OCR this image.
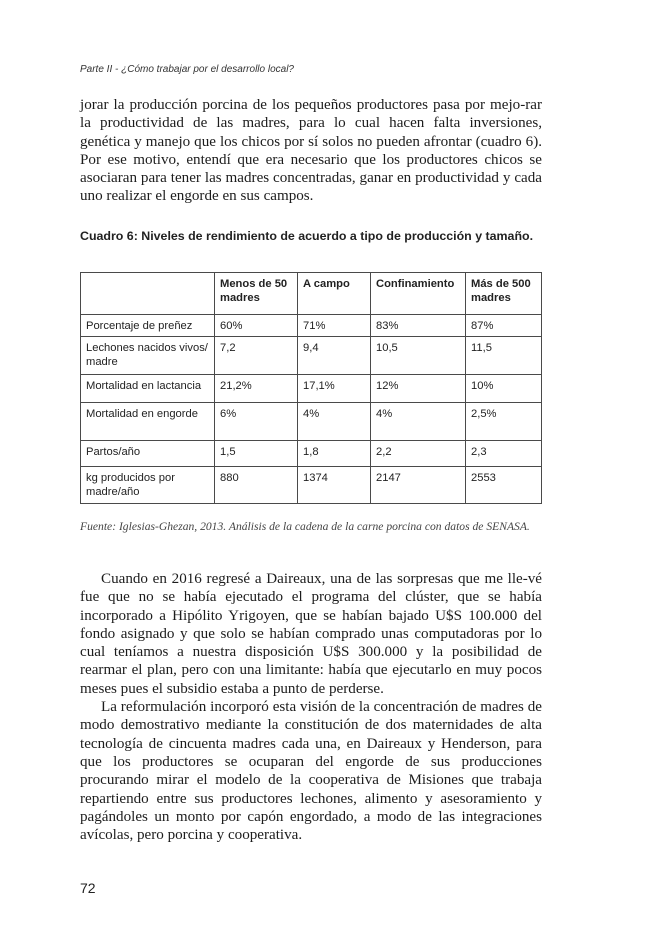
Parte II - ¿Cómo trabajar por el desarrollo local?

jorar la producción porcina de los pequeños productores pasa por mejo-rar la productividad de las madres, para lo cual hacen falta inversiones, genética y manejo que los chicos por sí solos no pueden afrontar (cuadro 6). Por ese motivo, entendí que era necesario que los productores chicos se asociaran para tener las madres concentradas, ganar en productividad y cada uno realizar el engorde en sus campos.

Cuadro 6: Niveles de rendimiento de acuerdo a tipo de producción y tamaño.
	Menos de 50 madres	A campo	Confinamiento	Más de 500 madres
Porcentaje de preñez	60%	71%	83%	87%
Lechones nacidos vivos/ madre	7,2	9,4	10,5	11,5
Mortalidad en lactancia	21,2%	17,1%	12%	10%
Mortalidad en engorde	6%	4%	4%	2,5%
Partos/año	1,5	1,8	2,2	2,3
kg producidos por madre/año	880	1374	2147	2553
Fuente: Iglesias-Ghezan, 2013. Análisis de la cadena de la carne porcina con datos de SENASA.

Cuando en 2016 regresé a Daireaux, una de las sorpresas que me lle-vé fue que no se había ejecutado el programa del clúster, que se había incorporado a Hipólito Yrigoyen, que se habían bajado U$S 100.000 del fondo asignado y que solo se habían comprado unas computadoras por lo cual teníamos a nuestra disposición U$S 300.000 y la posibilidad de rearmar el plan, pero con una limitante: había que ejecutarlo en muy pocos meses pues el subsidio estaba a punto de perderse.

La reformulación incorporó esta visión de la concentración de madres de modo demostrativo mediante la constitución de dos maternidades de alta tecnología de cincuenta madres cada una, en Daireaux y Henderson, para que los productores se ocuparan del engorde de sus producciones procurando mirar el modelo de la cooperativa de Misiones que trabaja repartiendo entre sus productores lechones, alimento y asesoramiento y pagándoles un monto por capón engordado, a modo de las integraciones avícolas, pero porcina y cooperativa.

72
